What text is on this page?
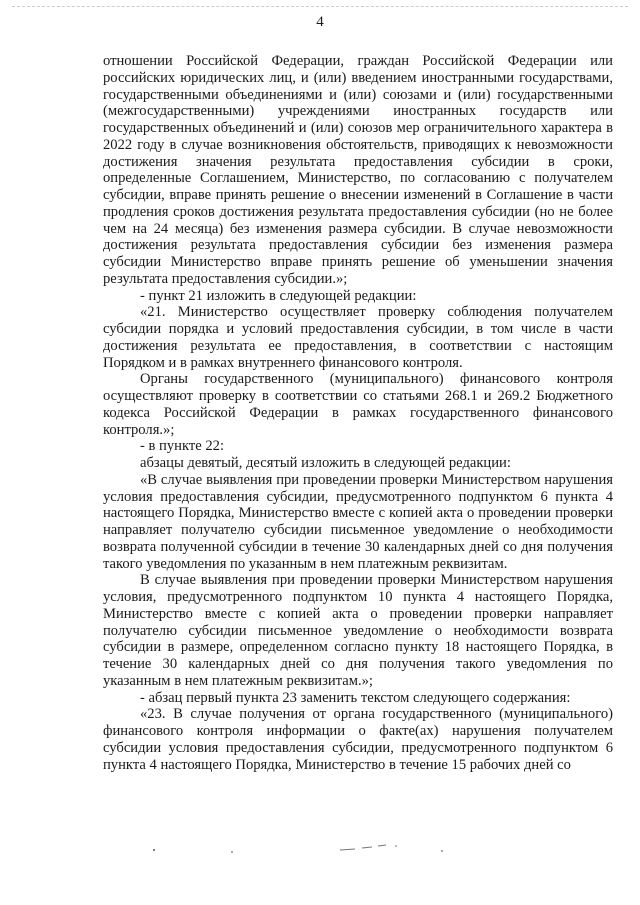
4

отношении Российской Федерации, граждан Российской Федерации или российских юридических лиц, и (или) введением иностранными государствами, государственными объединениями и (или) союзами и (или) государственными (межгосударственными) учреждениями иностранных государств или государственных объединений и (или) союзов мер ограничительного характера в 2022 году в случае возникновения обстоятельств, приводящих к невозможности достижения значения результата предоставления субсидии в сроки, определенные Соглашением, Министерство, по согласованию с получателем субсидии, вправе принять решение о внесении изменений в Соглашение в части продления сроков достижения результата предоставления субсидии (но не более чем на 24 месяца) без изменения размера субсидии. В случае невозможности достижения результата предоставления субсидии без изменения размера субсидии Министерство вправе принять решение об уменьшении значения результата предоставления субсидии.»;

- пункт 21 изложить в следующей редакции:

«21. Министерство осуществляет проверку соблюдения получателем субсидии порядка и условий предоставления субсидии, в том числе в части достижения результата ее предоставления, в соответствии с настоящим Порядком и в рамках внутреннего финансового контроля.

Органы государственного (муниципального) финансового контроля осуществляют проверку в соответствии со статьями 268.1 и 269.2 Бюджетного кодекса Российской Федерации в рамках государственного финансового контроля.»;

- в пункте 22:

абзацы девятый, десятый изложить в следующей редакции:

«В случае выявления при проведении проверки Министерством нарушения условия предоставления субсидии, предусмотренного подпунктом 6 пункта 4 настоящего Порядка, Министерство вместе с копией акта о проведении проверки направляет получателю субсидии письменное уведомление о необходимости возврата полученной субсидии в течение 30 календарных дней со дня получения такого уведомления по указанным в нем платежным реквизитам.

В случае выявления при проведении проверки Министерством нарушения условия, предусмотренного подпунктом 10 пункта 4 настоящего Порядка, Министерство вместе с копией акта о проведении проверки направляет получателю субсидии письменное уведомление о необходимости возврата субсидии в размере, определенном согласно пункту 18 настоящего Порядка, в течение 30 календарных дней со дня получения такого уведомления по указанным в нем платежным реквизитам.»;

- абзац первый пункта 23 заменить текстом следующего содержания:

«23. В случае получения от органа государственного (муниципального) финансового контроля информации о факте(ах) нарушения получателем субсидии условия предоставления субсидии, предусмотренного подпунктом 6 пункта 4 настоящего Порядка, Министерство в течение 15 рабочих дней со
